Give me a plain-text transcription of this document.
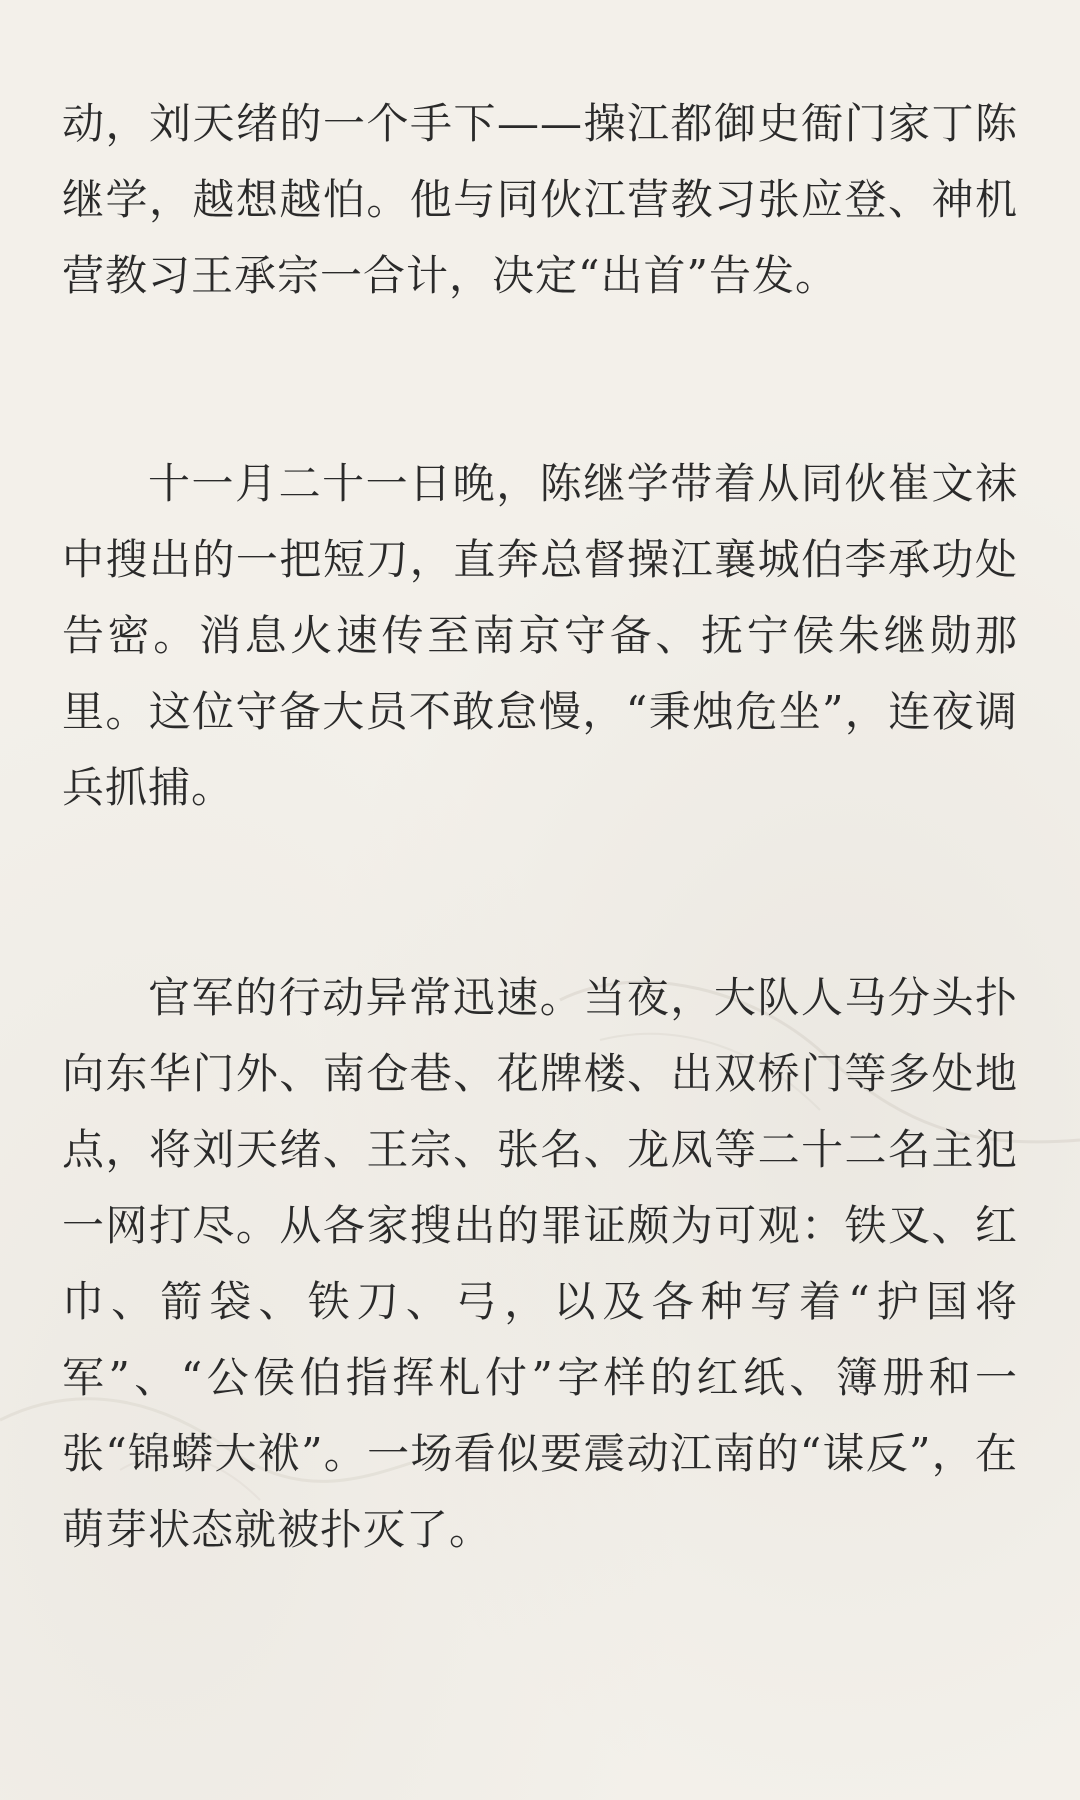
动，刘天绪的一个手下——操江都御史衙门家丁陈继学，越想越怕。他与同伙江营教习张应登、神机营教习王承宗一合计，决定“出首”告发。

十一月二十一日晚，陈继学带着从同伙崔文袜中搜出的一把短刀，直奔总督操江襄城伯李承功处告密。消息火速传至南京守备、抚宁侯朱继勋那里。这位守备大员不敢怠慢，“秉烛危坐”，连夜调兵抓捕。

官军的行动异常迅速。当夜，大队人马分头扑向东华门外、南仓巷、花牌楼、出双桥门等多处地点，将刘天绪、王宗、张名、龙凤等二十二名主犯一网打尽。从各家搜出的罪证颇为可观：铁叉、红巾、箭袋、铁刀、弓，以及各种写着“护国将军”、“公侯伯指挥札付”字样的红纸、簿册和一张“锦蟒大袱”。一场看似要震动江南的“谋反”，在萌芽状态就被扑灭了。
